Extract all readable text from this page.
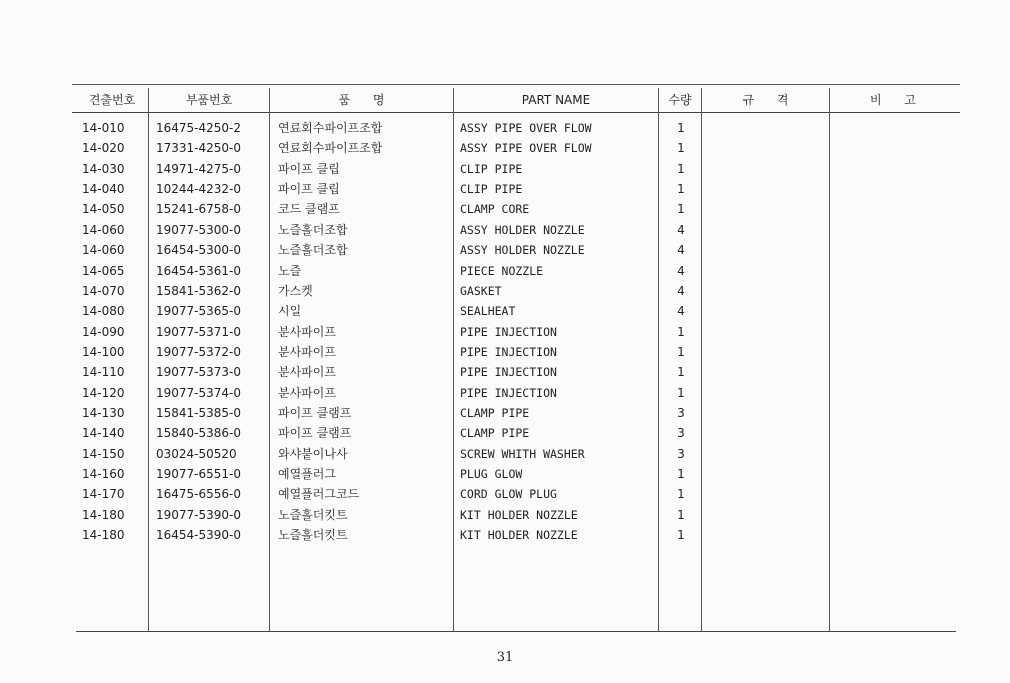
견출번호	부품번호	품      명	PART NAME	수량	규      격	비      고
14-010	16475-4250-2	연료회수파이프조합	ASSY PIPE OVER FLOW	1
14-020	17331-4250-0	연료회수파이프조합	ASSY PIPE OVER FLOW	1
14-030	14971-4275-0	파이프 클립	CLIP PIPE	1
14-040	10244-4232-0	파이프 클립	CLIP PIPE	1
14-050	15241-6758-0	코드 클램프	CLAMP CORE	1
14-060	19077-5300-0	노즐홀더조합	ASSY HOLDER NOZZLE	4
14-060	16454-5300-0	노즐홀더조합	ASSY HOLDER NOZZLE	4
14-065	16454-5361-0	노즐	PIECE NOZZLE	4
14-070	15841-5362-0	가스켓	GASKET	4
14-080	19077-5365-0	시일	SEALHEAT	4
14-090	19077-5371-0	분사파이프	PIPE INJECTION	1
14-100	19077-5372-0	분사파이프	PIPE INJECTION	1
14-110	19077-5373-0	분사파이프	PIPE INJECTION	1
14-120	19077-5374-0	분사파이프	PIPE INJECTION	1
14-130	15841-5385-0	파이프 클램프	CLAMP PIPE	3
14-140	15840-5386-0	파이프 클램프	CLAMP PIPE	3
14-150	03024-50520	와샤붙이나사	SCREW WHITH WASHER	3
14-160	19077-6551-0	예열플러그	PLUG GLOW	1
14-170	16475-6556-0	예열플러그코드	CORD GLOW PLUG	1
14-180	19077-5390-0	노즐홀더킷트	KIT HOLDER NOZZLE	1
14-180	16454-5390-0	노즐홀더킷트	KIT HOLDER NOZZLE	1
31
